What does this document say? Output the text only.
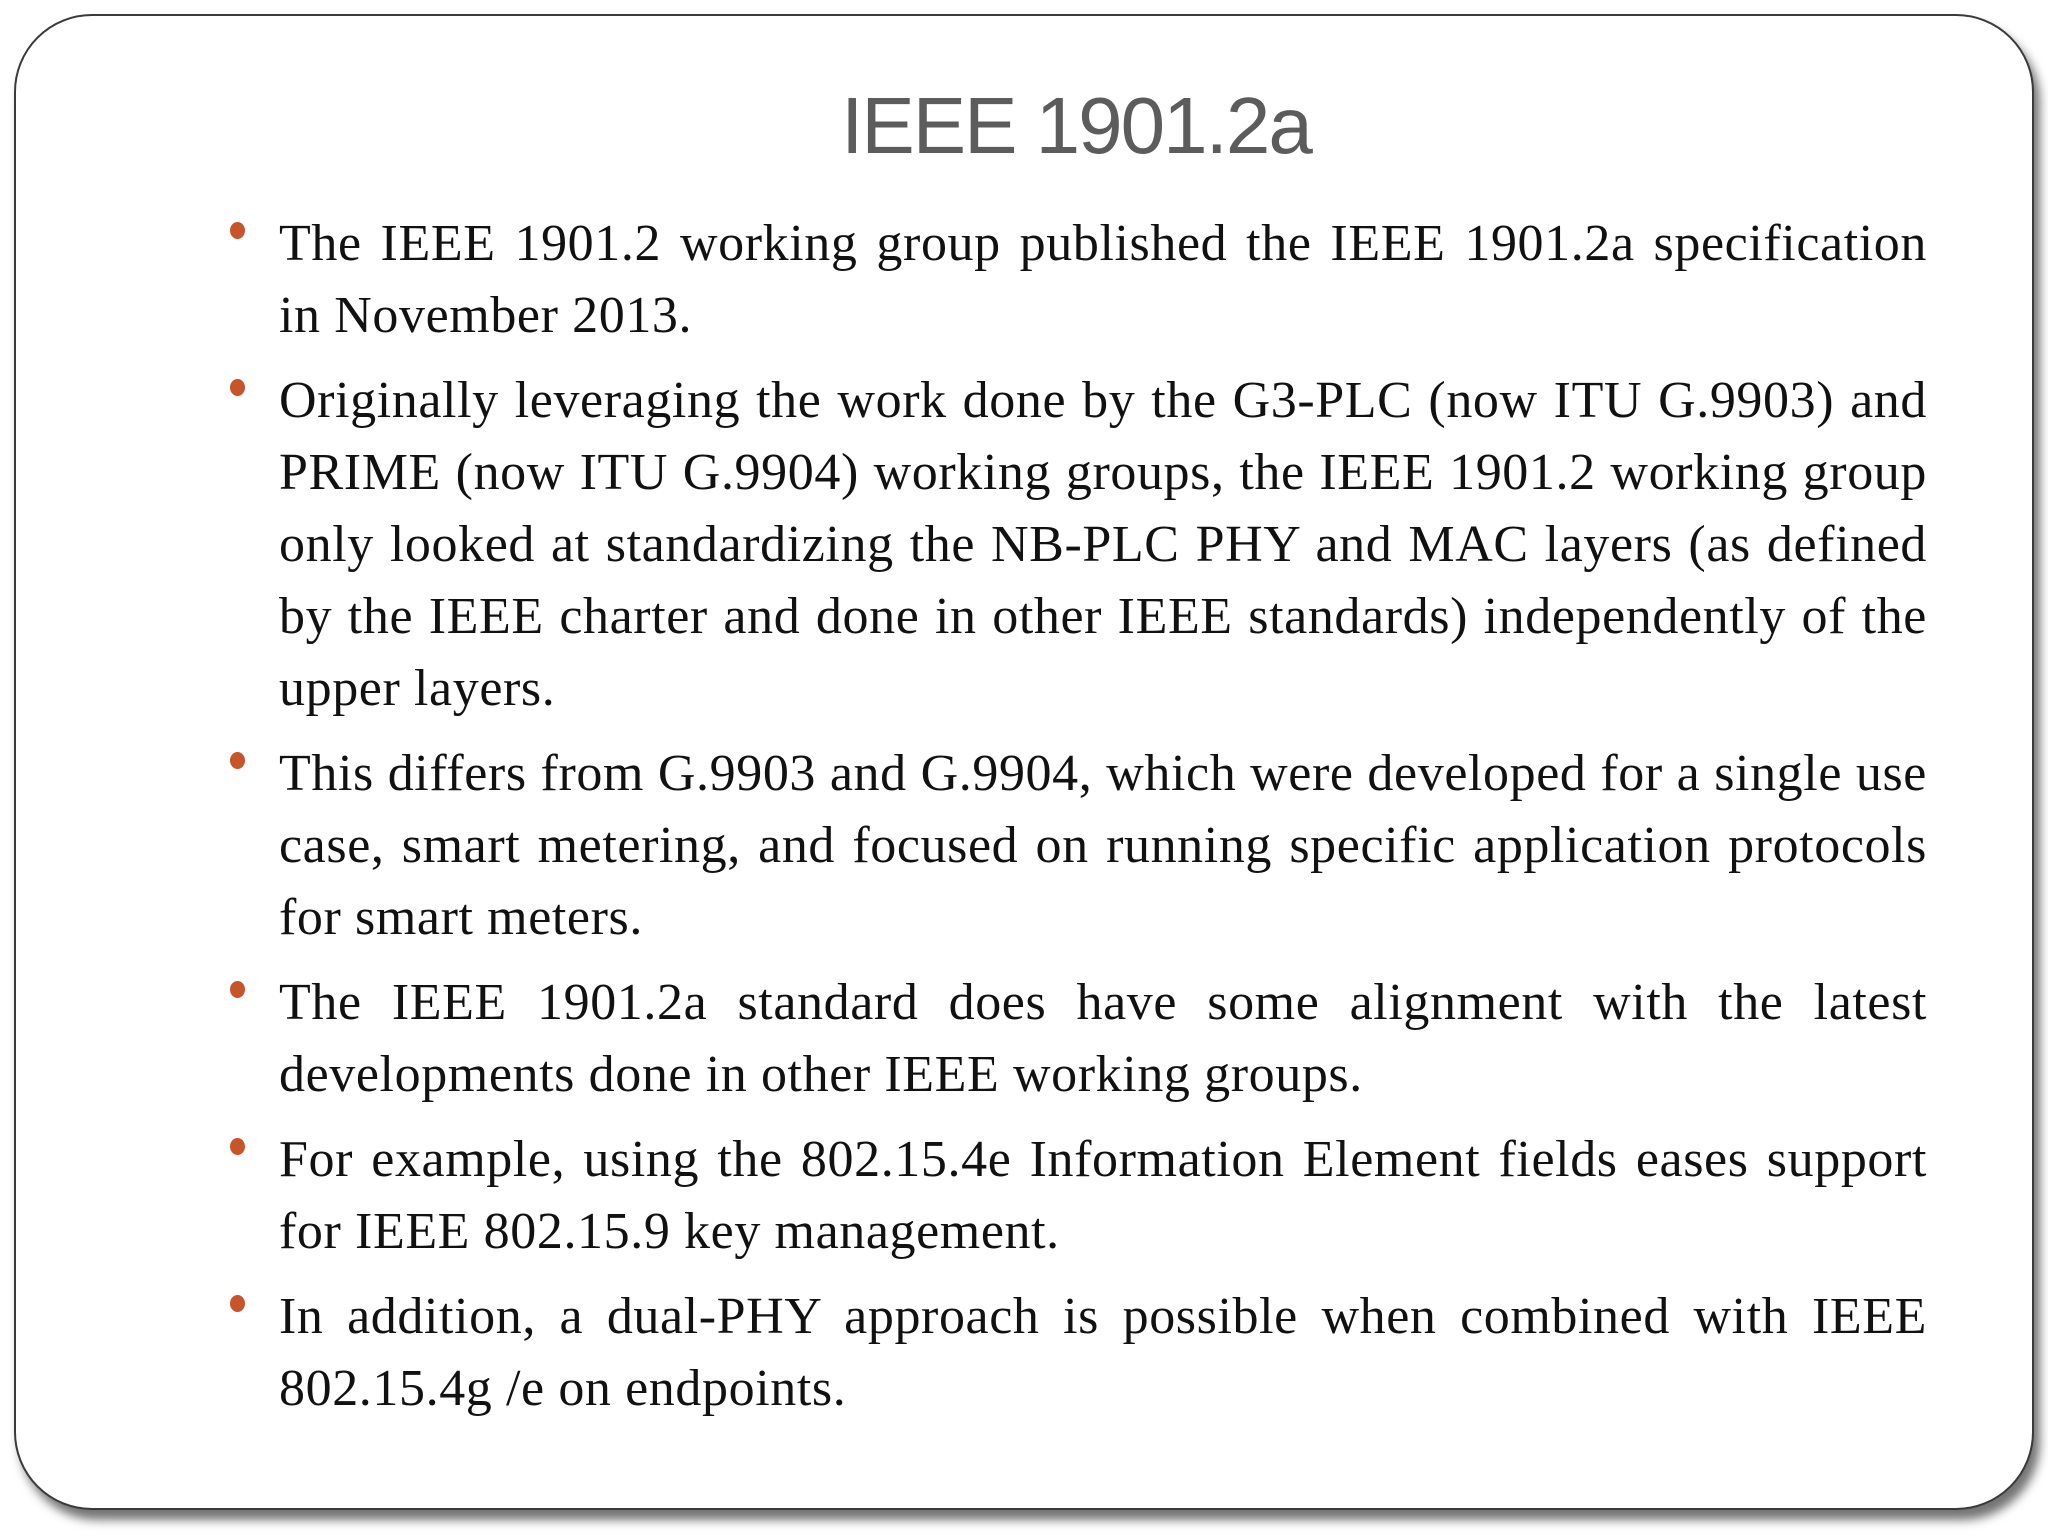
IEEE 1901.2a
The IEEE 1901.2 working group published the IEEE 1901.2a specification in November 2013.
Originally leveraging the work done by the G3-PLC (now ITU G.9903) and PRIME (now ITU G.9904) working groups, the IEEE 1901.2 working group only looked at standardizing the NB-PLC PHY and MAC layers (as defined by the IEEE charter and done in other IEEE standards) independently of the upper layers.
This differs from G.9903 and G.9904, which were developed for a single use case, smart metering, and focused on running specific application protocols for smart meters.
The IEEE 1901.2a standard does have some alignment with the latest developments done in other IEEE working groups.
For example, using the 802.15.4e Information Element fields eases support for IEEE 802.15.9 key management.
In addition, a dual-PHY approach is possible when combined with IEEE 802.15.4g /e on endpoints.
